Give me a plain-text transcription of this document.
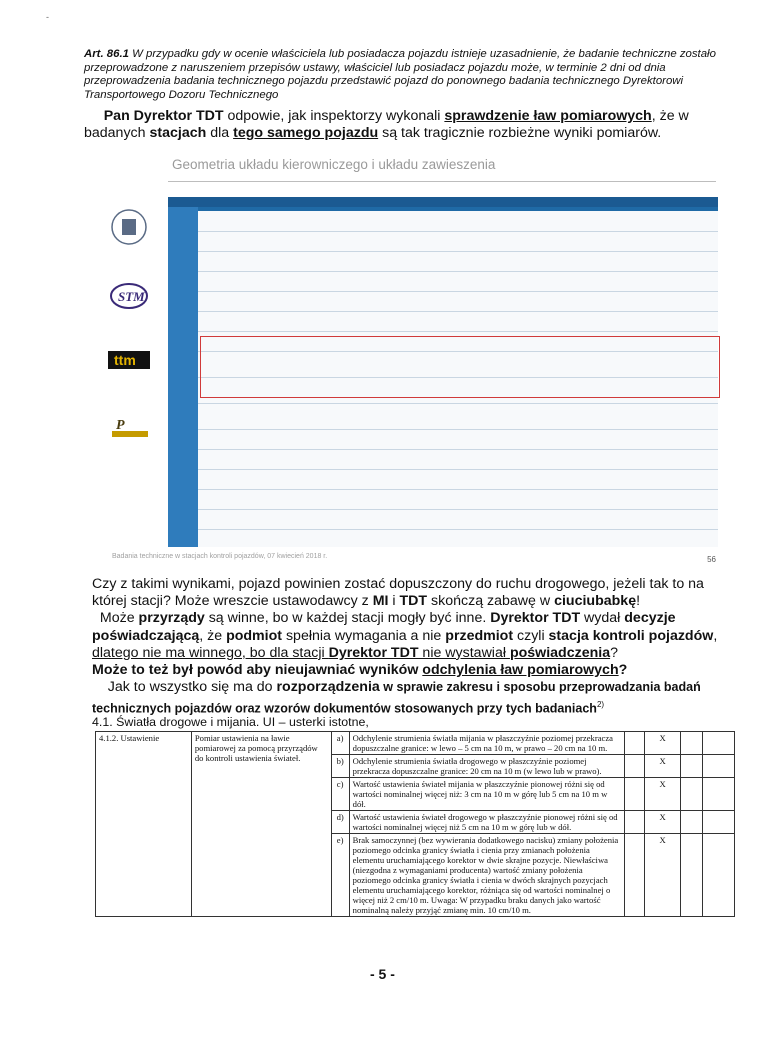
-
Art. 86.1 W przypadku gdy w ocenie właściciela lub posiadacza pojazdu istnieje uzasadnienie, że badanie techniczne zostało przeprowadzone z naruszeniem przepisów ustawy, właściciel lub posiadacz pojazdu może, w terminie 2 dni od dnia przeprowadzenia badania technicznego pojazdu przedstawić pojazd do ponownego badania technicznego Dyrektorowi Transportowego Dozoru Technicznego
Pan Dyrektor TDT odpowie, jak inspektorzy wykonali sprawdzenie ław pomiarowych, że w badanych stacjach dla tego samego pojazdu są tak tragicznie rozbieżne wyniki pomiarów.
Geometria układu kierowniczego i układu zawieszenia
STM
ttm
P
Badania techniczne w stacjach kontroli pojazdów, 07 kwiecień 2018 r.	56
Czy z takimi wynikami, pojazd powinien zostać dopuszczony do ruchu drogowego, jeżeli tak to na której stacji? Może wreszcie ustawodawcy z MI i TDT skończą zabawę w ciuciubabkę!
Może przyrządy są winne, bo w każdej stacji mogły być inne. Dyrektor TDT wydał decyzje poświadczającą, że podmiot spełnia wymagania a nie przedmiot czyli stacja kontroli pojazdów, dlatego nie ma winnego, bo dla stacji Dyrektor TDT nie wystawiał poświadczenia?
Może to też był powód aby nieujawniać wyników odchylenia ław pomiarowych?
Jak to wszystko się ma do rozporządzenia w sprawie zakresu i sposobu przeprowadzania badań technicznych pojazdów oraz wzorów dokumentów stosowanych przy tych badaniach$^{2)}$
4.1. Światła drogowe i mijania. UI – usterki istotne,
4.1.2. Ustawienie	Pomiar ustawienia na ławie pomiarowej za pomocą przyrządów do kontroli ustawienia świateł.	a)	Odchylenie strumienia światła mijania w płaszczyźnie poziomej przekracza dopuszczalne granice: w lewo – 5 cm na 10 m, w prawo – 20 cm na 10 m.		X		
		b)	Odchylenie strumienia światła drogowego w płaszczyźnie poziomej przekracza dopuszczalne granice: 20 cm na 10 m (w lewo lub w prawo).		X		
		c)	Wartość ustawienia świateł mijania w płaszczyźnie pionowej różni się od wartości nominalnej więcej niż: 3 cm na 10 m w górę lub 5 cm na 10 m w dół.		X		
		d)	Wartość ustawienia świateł drogowego w płaszczyźnie pionowej różni się od wartości nominalnej więcej niż 5 cm na 10 m w górę lub w dół.		X		
		e)	Brak samoczynnej (bez wywierania dodatkowego nacisku) zmiany położenia poziomego odcinka granicy światła i cienia przy zmianach położenia elementu uruchamiającego korektor w dwie skrajne pozycje. Niewłaściwa (niezgodna z wymaganiami producenta) wartość zmiany położenia poziomego odcinka granicy światła i cienia w dwóch skrajnych pozycjach elementu uruchamiającego korektor, różniąca się od wartości nominalnej o więcej niż 2 cm/10 m. Uwaga: W przypadku braku danych jako wartość nominalną należy przyjąć zmianę min. 10 cm/10 m.		X		
- 5 -
